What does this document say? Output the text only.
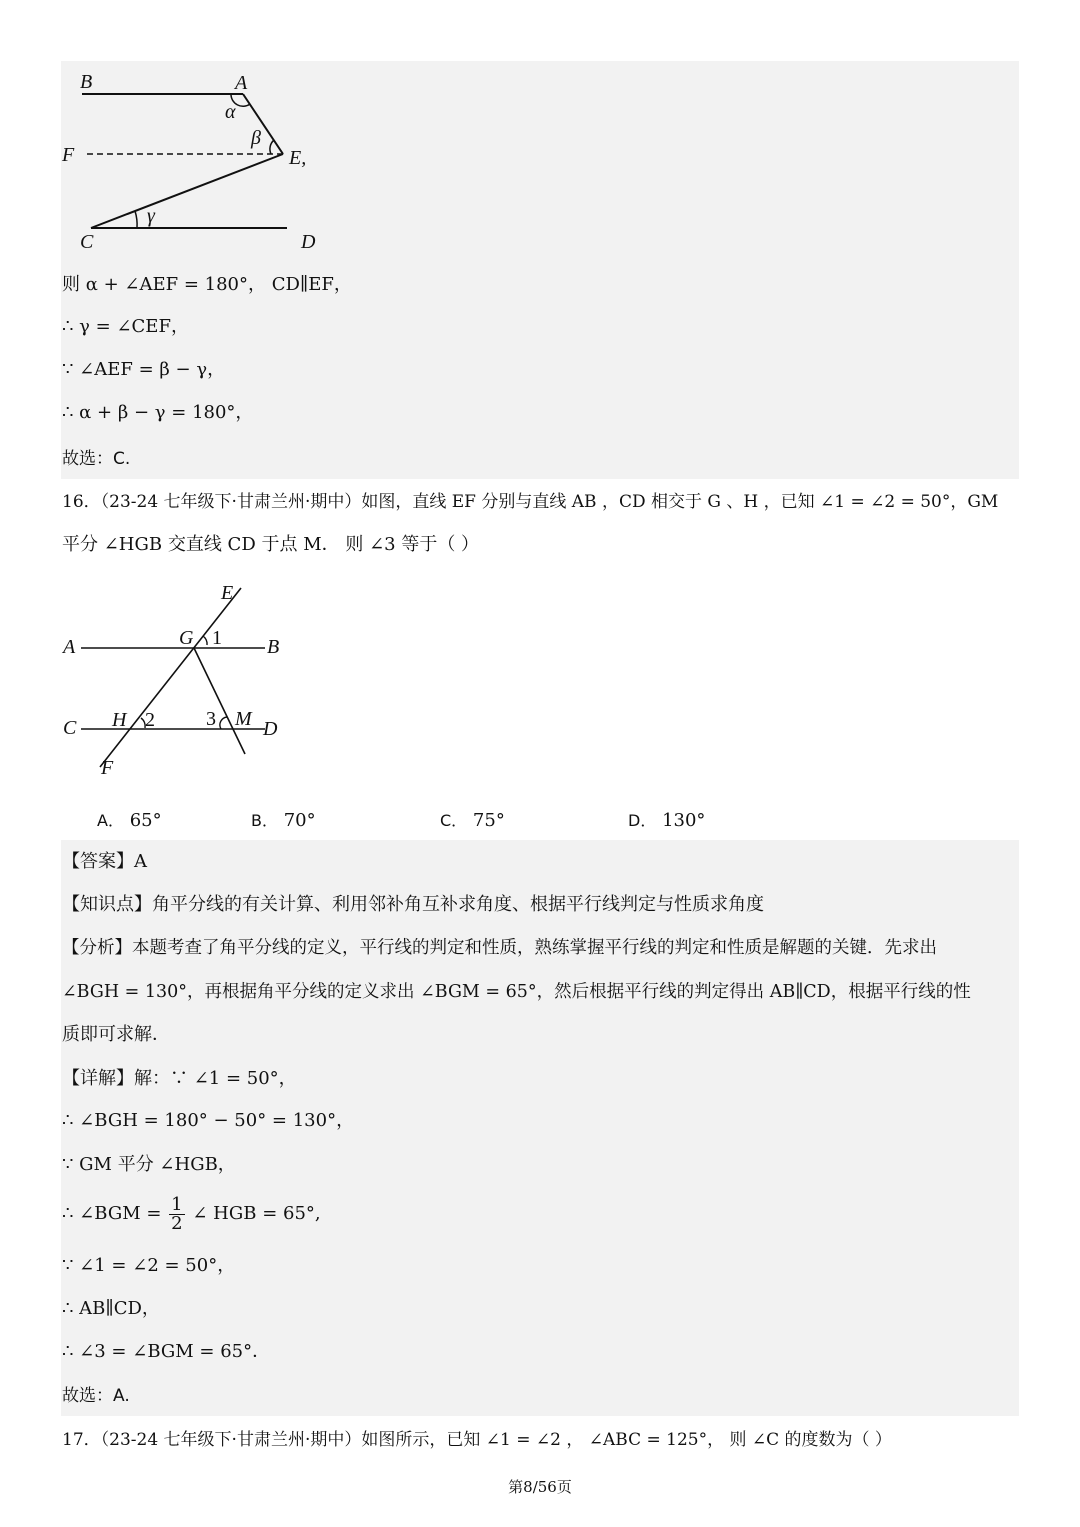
B	A
α
β
F	E,
γ
C	D
则 α + ∠AEF = 180°， CD∥EF，
∴ γ = ∠CEF，
∵ ∠AEF = β − γ，
∴ α + β − γ = 180°，
故选：C.
16．（23-24 七年级下·甘肃兰州·期中）如图，直线 EF 分别与直线 AB ，CD 相交于 G 、H ，已知 ∠1 = ∠2 = 50°，GM
平分 ∠HGB 交直线 CD 于点 M． 则 ∠3 等于（ ）
E
G 1
A	B
C H 2	3 M D
F
A． 65°	B． 70°	C． 75°	D． 130°
【答案】A
【知识点】角平分线的有关计算、利用邻补角互补求角度、根据平行线判定与性质求角度
【分析】本题考查了角平分线的定义，平行线的判定和性质，熟练掌握平行线的判定和性质是解题的关键．先求出
∠BGH = 130°，再根据角平分线的定义求出 ∠BGM = 65°，然后根据平行线的判定得出 AB∥CD，根据平行线的性
质即可求解．
【详解】解：∵ ∠1 = 50°，
∴ ∠BGH = 180° − 50° = 130°，
∵ GM 平分 ∠HGB，
∴ ∠BGM = $\frac{1}{2}$ ∠ HGB = 65°,
∵ ∠1 = ∠2 = 50°，
∴ AB∥CD，
∴ ∠3 = ∠BGM = 65°．
故选：A.
17．（23-24 七年级下·甘肃兰州·期中）如图所示，已知 ∠1 = ∠2 ， ∠ABC = 125°， 则 ∠C 的度数为（ ）
第8/56页
